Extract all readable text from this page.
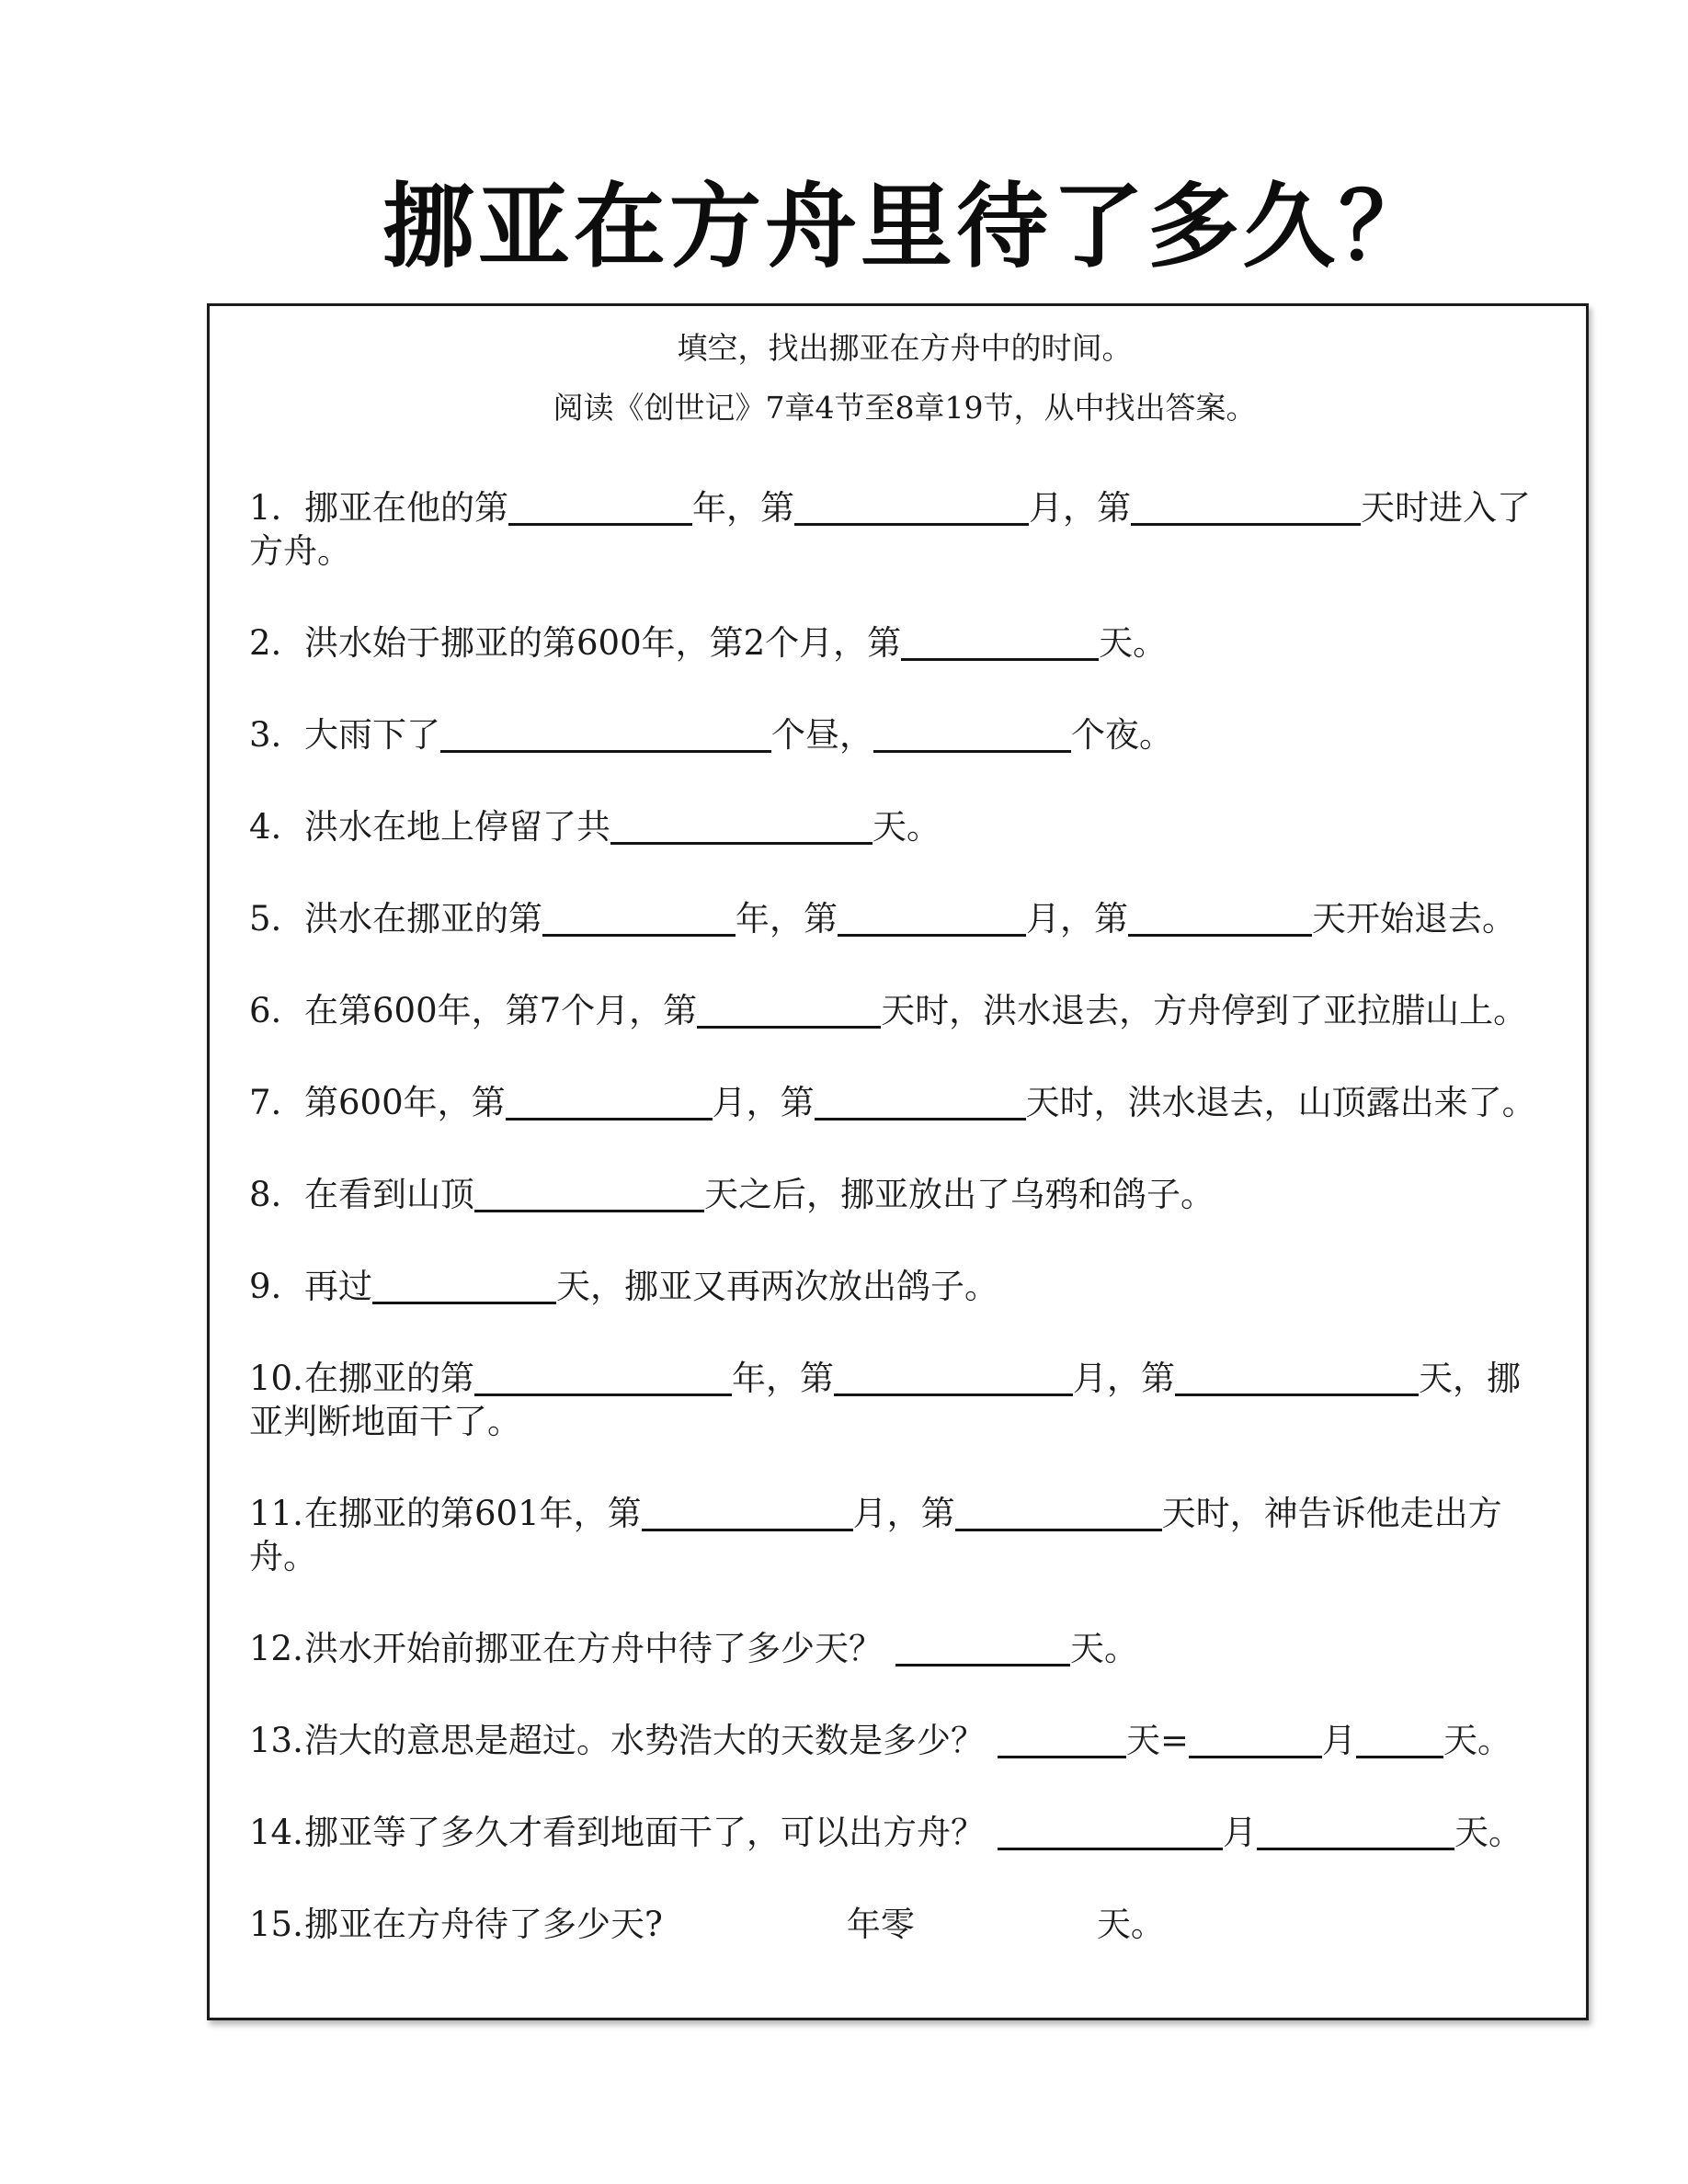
挪亚在方舟里待了多久？

填空，找出挪亚在方舟中的时间。

阅读《创世记》7章4节至8章19节，从中找出答案。

1. 挪亚在他的第	年，第	月，第	天时进入了
方舟。

2. 洪水始于挪亚的第600年，第2个月，第	天。

3. 大雨下了	个昼，	个夜。

4. 洪水在地上停留了共	天。

5. 洪水在挪亚的第	年，第	月，第	天开始退去。

6. 在第600年，第7个月，第	天时，洪水退去，方舟停到了亚拉腊山上。

7. 第600年，第	月，第	天时，洪水退去，山顶露出来了。

8. 在看到山顶	天之后，挪亚放出了乌鸦和鸽子。

9. 再过	天，挪亚又再两次放出鸽子。

10.在挪亚的第	年，第	月，第	天，挪
亚判断地面干了。

11.在挪亚的第601年，第	月，第	天时，神告诉他走出方舟。

12.洪水开始前挪亚在方舟中待了多少天？	天。

13.浩大的意思是超过。水势浩大的天数是多少？	天=	月	天。

14.挪亚等了多久才看到地面干了，可以出方舟？	月	天。

15.挪亚在方舟待了多少天?	年零	天。
